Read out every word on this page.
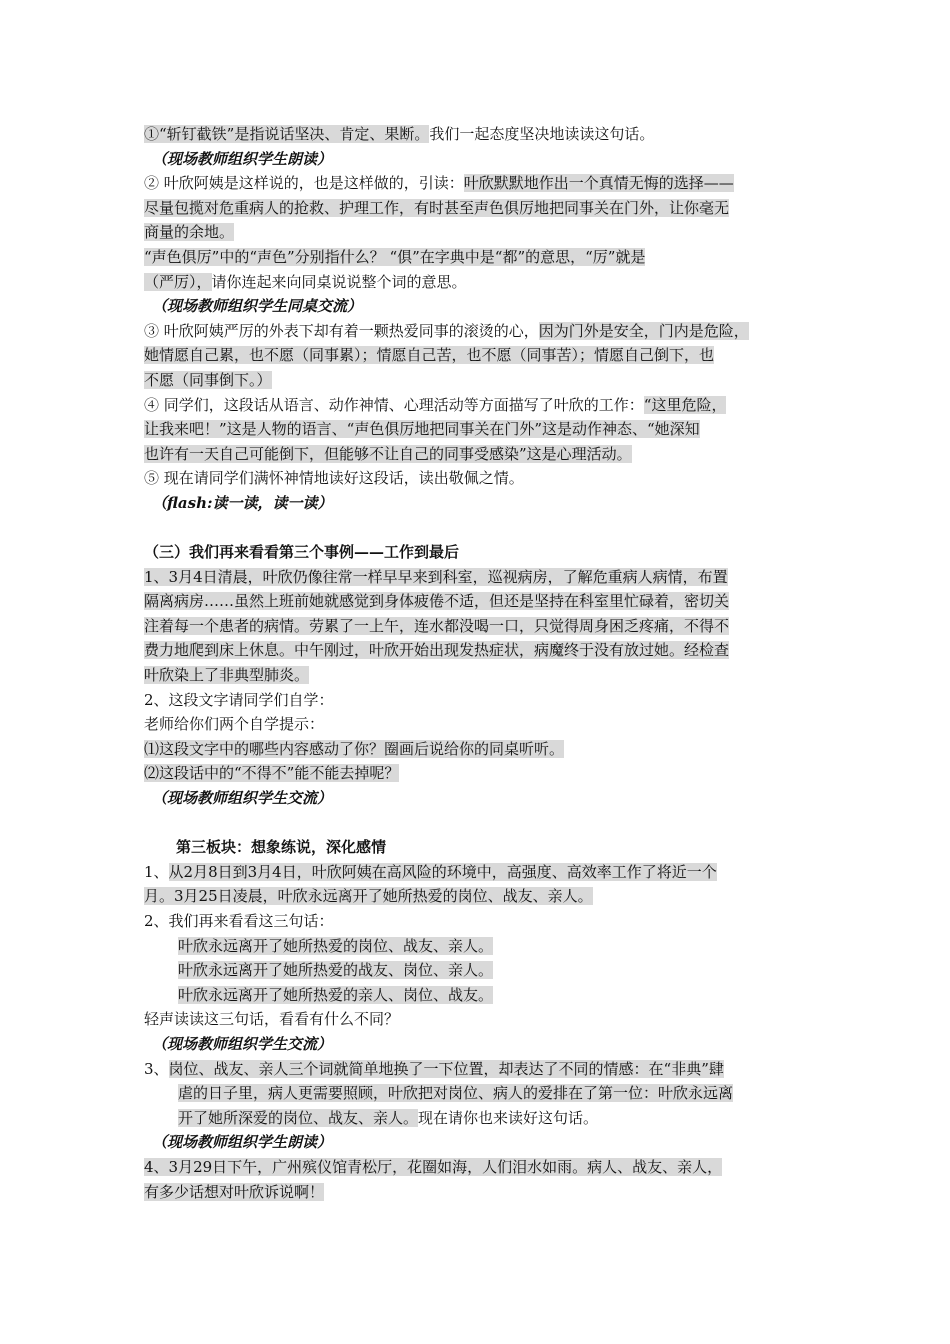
①“斩钉截铁”是指说话坚决、肯定、果断。我们一起态度坚决地读读这句话。
（现场教师组织学生朗读）
② 叶欣阿姨是这样说的，也是这样做的，引读：叶欣默默地作出一个真情无悔的选择——
尽量包揽对危重病人的抢救、护理工作，有时甚至声色俱厉地把同事关在门外，让你毫无
商量的余地。
“声色俱厉”中的“声色”分别指什么？ “俱”在字典中是“都”的意思，“厉”就是
（严厉），请你连起来向同桌说说整个词的意思。
（现场教师组织学生同桌交流）
③ 叶欣阿姨严厉的外表下却有着一颗热爱同事的滚烫的心，因为门外是安全，门内是危险，
她情愿自己累，也不愿（同事累）；情愿自己苦，也不愿（同事苦）；情愿自己倒下，也
不愿（同事倒下。）
④ 同学们，这段话从语言、动作神情、心理活动等方面描写了叶欣的工作：“这里危险，
让我来吧！”这是人物的语言、“声色俱厉地把同事关在门外”这是动作神态、“她深知
也许有一天自己可能倒下，但能够不让自己的同事受感染”这是心理活动。
⑤ 现在请同学们满怀神情地读好这段话，读出敬佩之情。
（flash:读一读，读一读）
（三）我们再来看看第三个事例——工作到最后
1、3月4日清晨，叶欣仍像往常一样早早来到科室，巡视病房，了解危重病人病情，布置
隔离病房……虽然上班前她就感觉到身体疲倦不适，但还是坚持在科室里忙碌着，密切关
注着每一个患者的病情。劳累了一上午，连水都没喝一口，只觉得周身困乏疼痛，不得不
费力地爬到床上休息。中午刚过，叶欣开始出现发热症状，病魔终于没有放过她。经检查
叶欣染上了非典型肺炎。
2、这段文字请同学们自学：
老师给你们两个自学提示：
⑴这段文字中的哪些内容感动了你？圈画后说给你的同桌听听。
⑵这段话中的“不得不”能不能去掉呢？
（现场教师组织学生交流）
第三板块：想象练说，深化感情
1、从2月8日到3月4日，叶欣阿姨在高风险的环境中，高强度、高效率工作了将近一个
月。3月25日凌晨，叶欣永远离开了她所热爱的岗位、战友、亲人。
2、我们再来看看这三句话：
叶欣永远离开了她所热爱的岗位、战友、亲人。
叶欣永远离开了她所热爱的战友、岗位、亲人。
叶欣永远离开了她所热爱的亲人、岗位、战友。
轻声读读这三句话，看看有什么不同？
（现场教师组织学生交流）
3、岗位、战友、亲人三个词就简单地换了一下位置，却表达了不同的情感：在“非典”肆
虐的日子里，病人更需要照顾，叶欣把对岗位、病人的爱排在了第一位：叶欣永远离
开了她所深爱的岗位、战友、亲人。现在请你也来读好这句话。
（现场教师组织学生朗读）
4、3月29日下午，广州殡仪馆青松厅，花圈如海，人们泪水如雨。病人、战友、亲人，
有多少话想对叶欣诉说啊！
